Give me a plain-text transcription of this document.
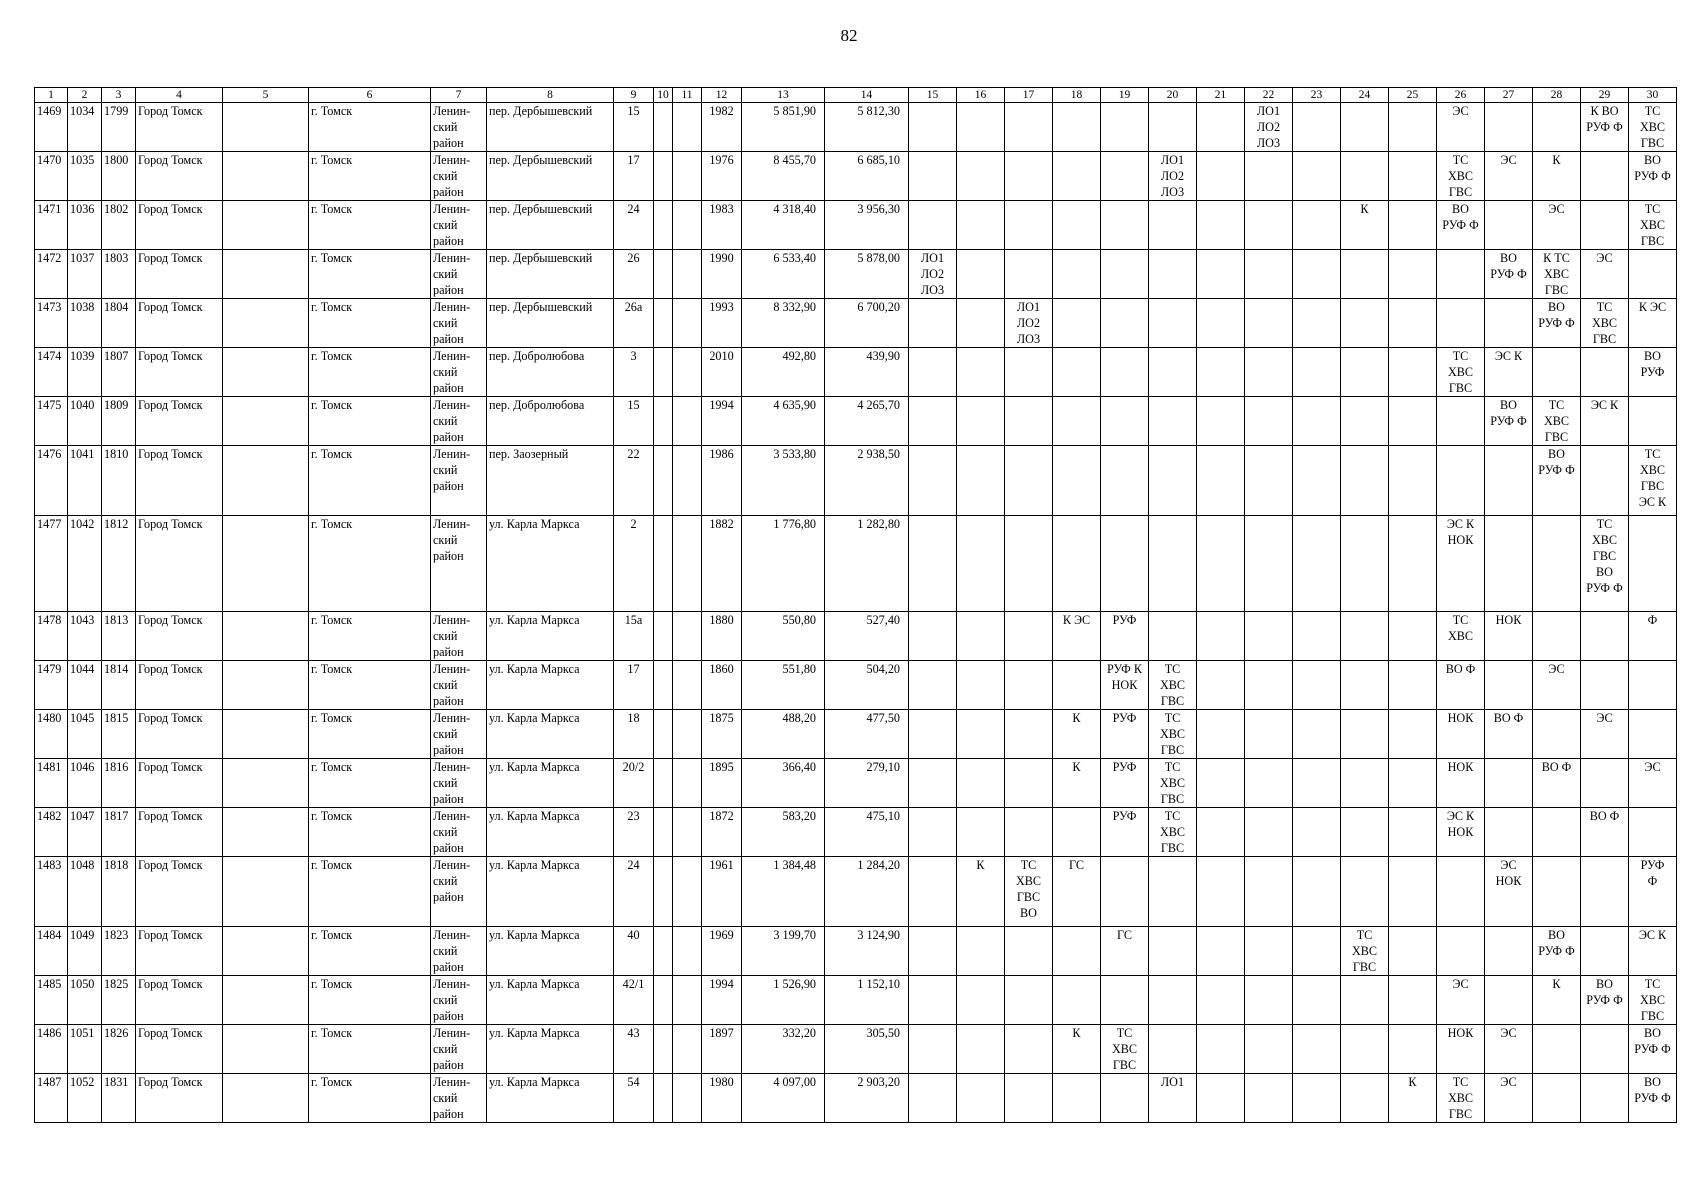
82
1	2	3	4	5	6	7	8	9	10	11	12	13	14	15	16	17	18	19	20	21	22	23	24	25	26	27	28	29	30

1469	1034	1799	Город Томск		г. Томск	Ленин-
ский
район	пер. Дербышевский	15			1982	5 851,90	5 812,30								ЛО1
ЛО2
ЛО3				ЭС			К ВО
РУФ Ф	ТС
ХВС
ГВС

1470	1035	1800	Город Томск		г. Томск	Ленин-
ский
район	пер. Дербышевский	17			1976	8 455,70	6 685,10						ЛО1
ЛО2
ЛО3						ТС
ХВС
ГВС	ЭС	К		ВО
РУФ Ф

1471	1036	1802	Город Томск		г. Томск	Ленин-
ский
район	пер. Дербышевский	24			1983	4 318,40	3 956,30										К		ВО
РУФ Ф		ЭС		ТС
ХВС
ГВС

1472	1037	1803	Город Томск		г. Томск	Ленин-
ский
район	пер. Дербышевский	26			1990	6 533,40	5 878,00	ЛО1
ЛО2
ЛО3												ВО
РУФ Ф	К ТС
ХВС
ГВС	ЭС	

1473	1038	1804	Город Томск		г. Томск	Ленин-
ский
район	пер. Дербышевский	26а			1993	8 332,90	6 700,20			ЛО1
ЛО2
ЛО3											ВО
РУФ Ф	ТС
ХВС
ГВС	К ЭС

1474	1039	1807	Город Томск		г. Томск	Ленин-
ский
район	пер. Добролюбова	3			2010	492,80	439,90												ТС
ХВС
ГВС	ЭС К			ВО
РУФ

1475	1040	1809	Город Томск		г. Томск	Ленин-
ский
район	пер. Добролюбова	15			1994	4 635,90	4 265,70													ВО
РУФ Ф	ТС
ХВС
ГВС	ЭС К	

1476	1041	1810	Город Томск		г. Томск	Ленин-
ский
район	пер. Заозерный	22			1986	3 533,80	2 938,50														ВО
РУФ Ф		ТС
ХВС
ГВС
ЭС К

1477	1042	1812	Город Томск		г. Томск	Ленин-
ский
район	ул. Карла Маркса	2			1882	1 776,80	1 282,80												ЭС К
НОК			ТС
ХВС
ГВС
ВО
РУФ Ф	

1478	1043	1813	Город Томск		г. Томск	Ленин-
ский
район	ул. Карла Маркса	15а			1880	550,80	527,40				К ЭС	РУФ							ТС
ХВС	НОК			Ф

1479	1044	1814	Город Томск		г. Томск	Ленин-
ский
район	ул. Карла Маркса	17			1860	551,80	504,20					РУФ К
НОК	ТС
ХВС
ГВС						ВО Ф		ЭС		

1480	1045	1815	Город Томск		г. Томск	Ленин-
ский
район	ул. Карла Маркса	18			1875	488,20	477,50				К	РУФ	ТС
ХВС
ГВС						НОК	ВО Ф		ЭС	

1481	1046	1816	Город Томск		г. Томск	Ленин-
ский
район	ул. Карла Маркса	20/2			1895	366,40	279,10				К	РУФ	ТС
ХВС
ГВС						НОК		ВО Ф		ЭС

1482	1047	1817	Город Томск		г. Томск	Ленин-
ский
район	ул. Карла Маркса	23			1872	583,20	475,10					РУФ	ТС
ХВС
ГВС						ЭС К
НОК			ВО Ф	

1483	1048	1818	Город Томск		г. Томск	Ленин-
ский
район	ул. Карла Маркса	24			1961	1 384,48	1 284,20		К	ТС
ХВС
ГВС
ВО	ГС									ЭС
НОК			РУФ
Ф

1484	1049	1823	Город Томск		г. Томск	Ленин-
ский
район	ул. Карла Маркса	40			1969	3 199,70	3 124,90					ГС					ТС
ХВС
ГВС				ВО
РУФ Ф		ЭС К

1485	1050	1825	Город Томск		г. Томск	Ленин-
ский
район	ул. Карла Маркса	42/1			1994	1 526,90	1 152,10												ЭС		К	ВО
РУФ Ф	ТС
ХВС
ГВС

1486	1051	1826	Город Томск		г. Томск	Ленин-
ский
район	ул. Карла Маркса	43			1897	332,20	305,50				К	ТС
ХВС
ГВС							НОК	ЭС			ВО
РУФ Ф

1487	1052	1831	Город Томск		г. Томск	Ленин-
ский
район	ул. Карла Маркса	54			1980	4 097,00	2 903,20						ЛО1					К	ТС
ХВС
ГВС	ЭС			ВО
РУФ Ф
